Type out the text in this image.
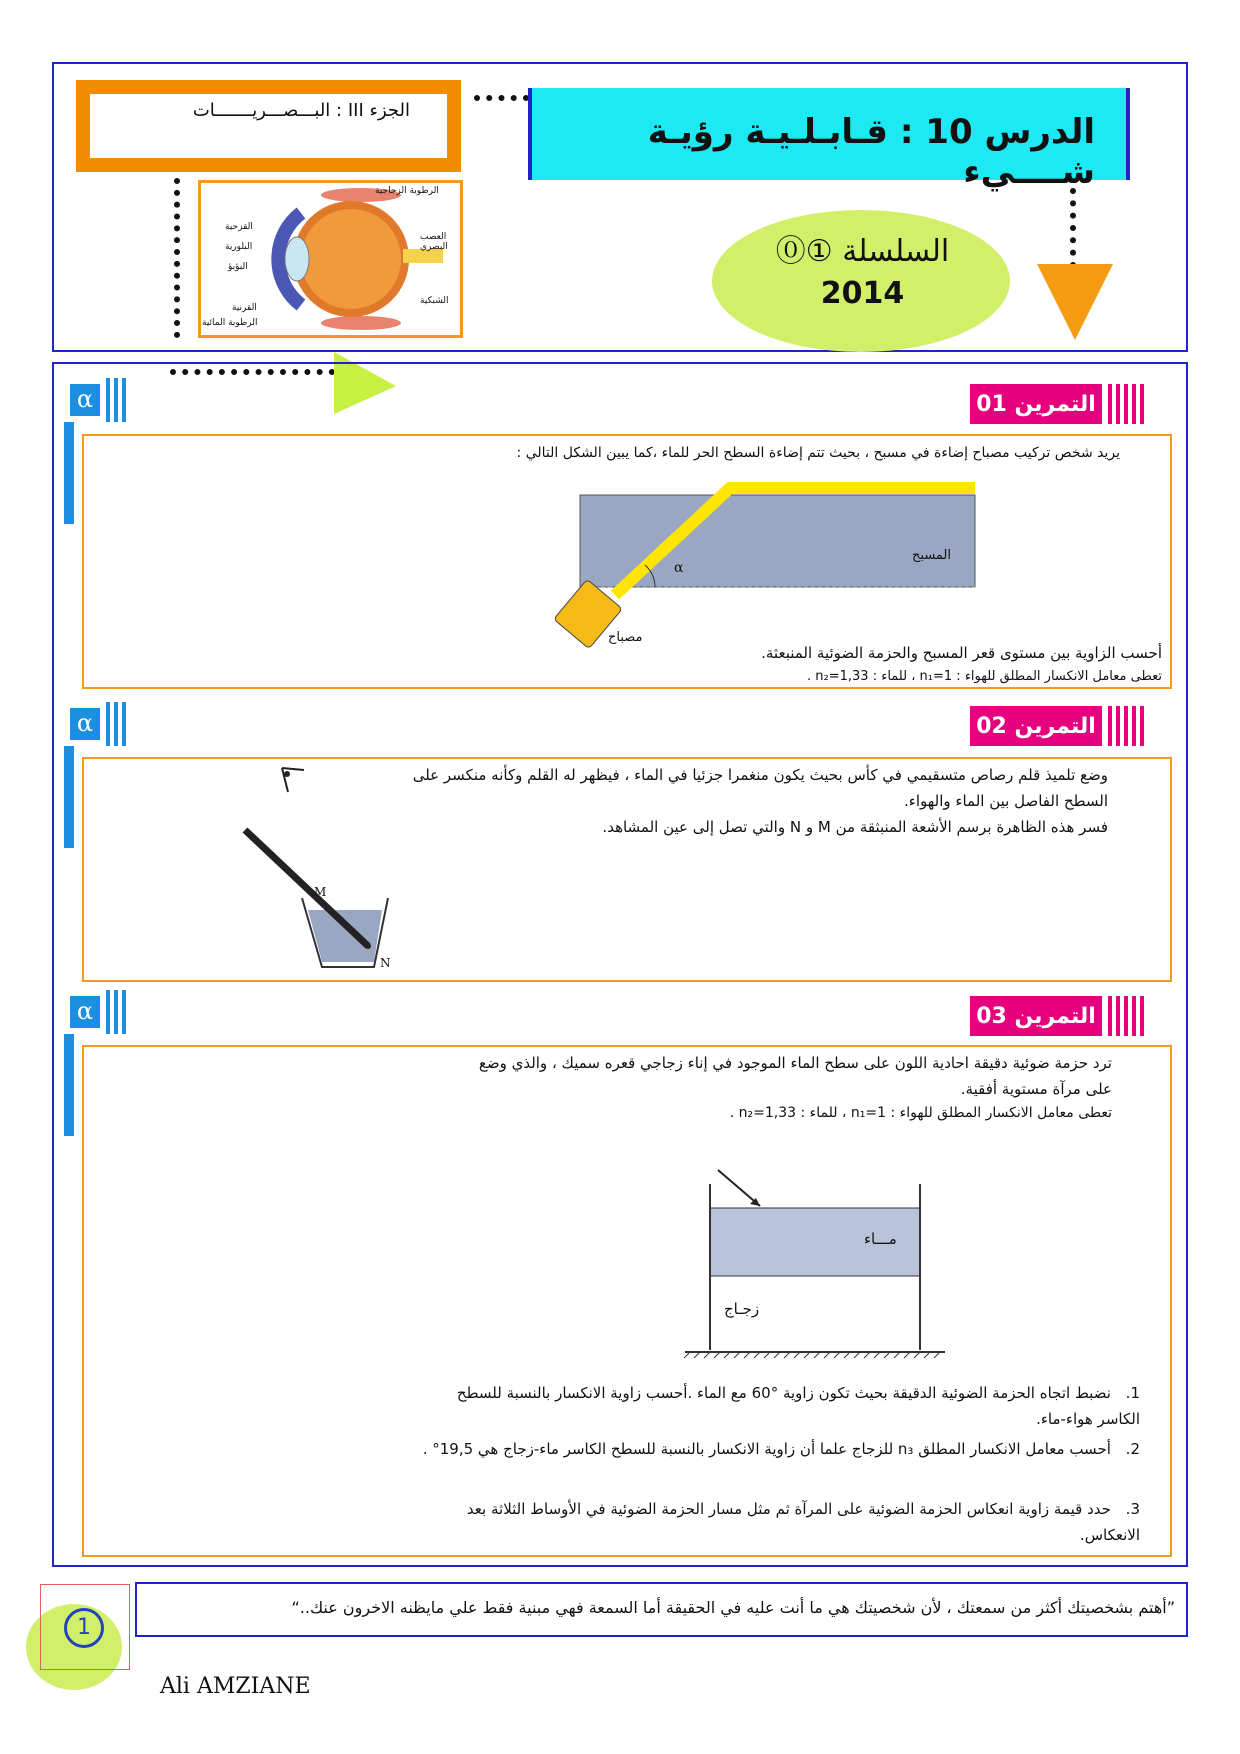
الجزء III : البـــصـــريـــــــات
الدرس 10 : قـابـلـيـة رؤيـة شــــيء
الرطوبة الزجاجية
القزحية
البلورية
البؤبؤ
القرنية
الرطوبة المائية
العصب البصري
الشبكية
السلسلة ①⓪
2014
α	التمرين 01
يريد شخص تركيب مصباح إضاءة في مسبح ، بحيث تتم إضاءة السطح الحر للماء ،كما يبين الشكل التالي :
المسبح
α
مصباح
أحسب الزاوية بين مستوى قعر المسبح والحزمة الضوئية المنبعثة.
تعطى معامل الانكسار المطلق للهواء : n₁=1 ، للماء : n₂=1,33 .
α	التمرين 02
وضع تلميذ قلم رصاص متسقيمي في كأس بحيث يكون منغمرا جزئيا في الماء ، فيظهر له القلم وكأنه منكسر على السطح الفاصل بين الماء والهواء.
فسر هذه الظاهرة برسم الأشعة المنبثقة من M و N والتي تصل إلى عين المشاهد.
M
N
α	التمرين 03
ترد حزمة ضوئية دقيقة احادية اللون على سطح الماء الموجود في إناء زجاجي قعره سميك ، والذي وضع على مرآة مستوية أفقية.
تعطى معامل الانكسار المطلق للهواء : n₁=1 ، للماء : n₂=1,33 .
مـــاء
زجـاج
1. نضبط اتجاه الحزمة الضوئية الدقيقة بحيث تكون زاوية °60 مع الماء .أحسب زاوية الانكسار بالنسبة للسطح الكاسر هواء-ماء.
2. أحسب معامل الانكسار المطلق n₃ للزجاج علما أن زاوية الانكسار بالنسبة للسطح الكاسر ماء-زجاج هي 19,5° .
3. حدد قيمة زاوية انعكاس الحزمة الضوئية على المرآة ثم مثل مسار الحزمة الضوئية في الأوساط الثلاثة بعد الانعكاس.
”أهتم بشخصيتك أكثر من سمعتك ، لأن شخصيتك هي ما أنت عليه في الحقيقة أما السمعة فهي مبنية فقط علي مايظنه الاخرون عنك..“
1
Ali AMZIANE
